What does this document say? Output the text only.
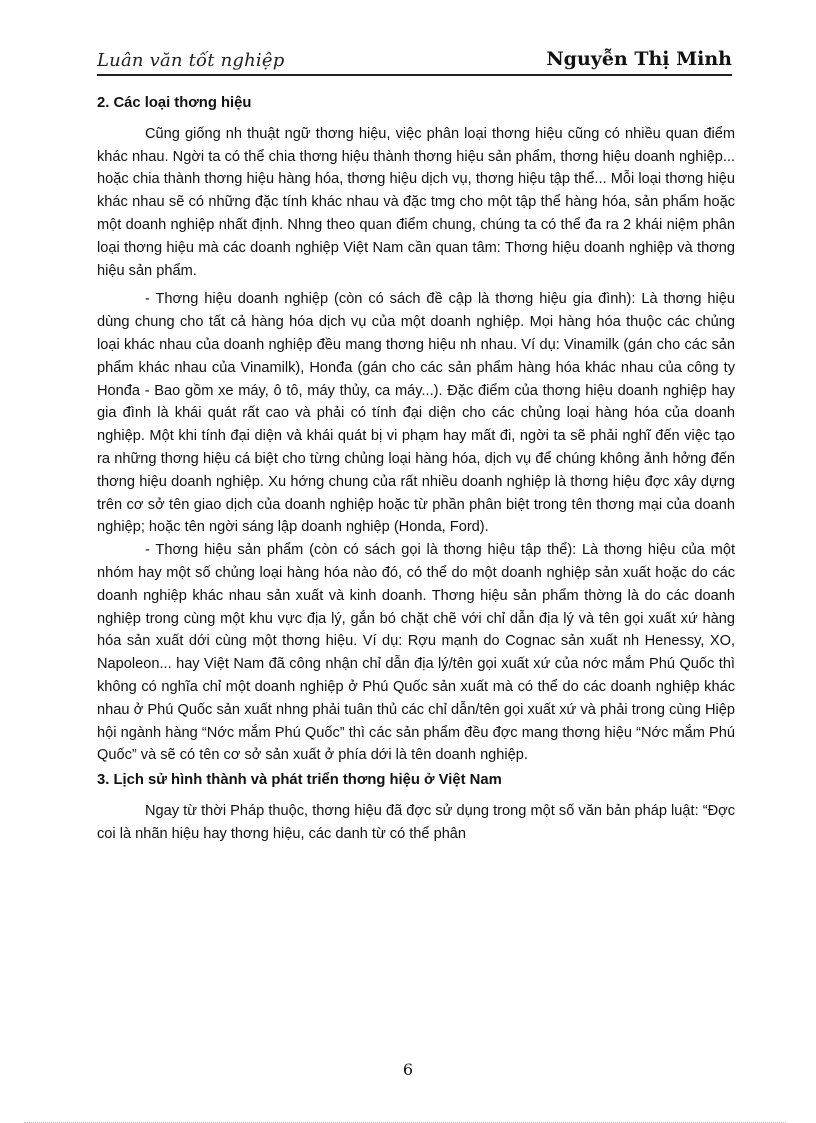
Luân văn tốt nghiệp	Nguyễn Thị Minh
2. Các loại thơng hiệu

Cũng giống nh thuật ngữ thơng hiệu, việc phân loại thơng hiệu cũng có nhiều quan điểm khác nhau. Ngời ta có thể chia thơng hiệu thành thơng hiệu sản phẩm, thơng hiệu doanh nghiệp... hoặc chia thành thơng hiệu hàng hóa, thơng hiệu dịch vụ, thơng hiệu tập thể... Mỗi loại thơng hiệu khác nhau sẽ có những đặc tính khác nhau và đặc tmg cho một tập thể hàng hóa, sản phẩm hoặc một doanh nghiệp nhất định. Nhng theo quan điểm chung, chúng ta có thể đa ra 2 khái niệm phân loại thơng hiệu mà các doanh nghiệp Việt Nam cần quan tâm: Thơng hiệu doanh nghiệp và thơng hiệu sản phẩm.

- Thơng hiệu doanh nghiệp (còn có sách đề cập là thơng hiệu gia đình): Là thơng hiệu dùng chung cho tất cả hàng hóa dịch vụ của một doanh nghiệp. Mọi hàng hóa thuộc các chủng loại khác nhau của doanh nghiệp đều mang thơng hiệu nh nhau. Ví dụ: Vinamilk (gán cho các sản phẩm khác nhau của Vinamilk), Honđa (gán cho các sản phẩm hàng hóa khác nhau của công ty Honđa - Bao gồm xe máy, ô tô, máy thủy, ca máy...). Đặc điểm của thơng hiệu doanh nghiệp hay gia đình là khái quát rất cao và phải có tính đại diện cho các chủng loại hàng hóa của doanh nghiệp. Một khi tính đại diện và khái quát bị vi phạm hay mất đi, ngời ta sẽ phải nghĩ đến việc tạo ra những thơng hiệu cá biệt cho từng chủng loại hàng hóa, dịch vụ để chúng không ảnh hởng đến thơng hiệu doanh nghiệp. Xu hớng chung của rất nhiều doanh nghiệp là thơng hiệu đợc xây dựng trên cơ sở tên giao dịch của doanh nghiệp hoặc từ phần phân biệt trong tên thơng mại của doanh nghiệp; hoặc tên ngời sáng lập doanh nghiệp (Honda, Ford).

- Thơng hiệu sản phẩm (còn có sách gọi là thơng hiệu tập thể): Là thơng hiệu của một nhóm hay một số chủng loại hàng hóa nào đó, có thể do một doanh nghiệp sản xuất hoặc do các doanh nghiệp khác nhau sản xuất và kinh doanh. Thơng hiệu sản phẩm thờng là do các doanh nghiệp trong cùng một khu vực địa lý, gắn bó chặt chẽ với chỉ dẫn địa lý và tên gọi xuất xứ hàng hóa sản xuất dới cùng một thơng hiệu. Ví dụ: Rợu mạnh do Cognac sản xuất nh Henessy, XO, Napoleon... hay Việt Nam đã công nhận chỉ dẫn địa lý/tên gọi xuất xứ của nớc mắm Phú Quốc thì không có nghĩa chỉ một doanh nghiệp ở Phú Quốc sản xuất mà có thể do các doanh nghiệp khác nhau ở Phú Quốc sản xuất nhng phải tuân thủ các chỉ dẫn/tên gọi xuất xứ và phải trong cùng Hiệp hội ngành hàng “Nớc mắm Phú Quốc” thì các sản phẩm đều đợc mang thơng hiệu “Nớc mắm Phú Quốc” và sẽ có tên cơ sở sản xuất ở phía dới là tên doanh nghiệp.

3. Lịch sử hình thành và phát triển thơng hiệu ở Việt Nam

Ngay từ thời Pháp thuộc, thơng hiệu đã đợc sử dụng trong một số văn bản pháp luật: “Đợc coi là nhãn hiệu hay thơng hiệu, các danh từ có thể phân

6
